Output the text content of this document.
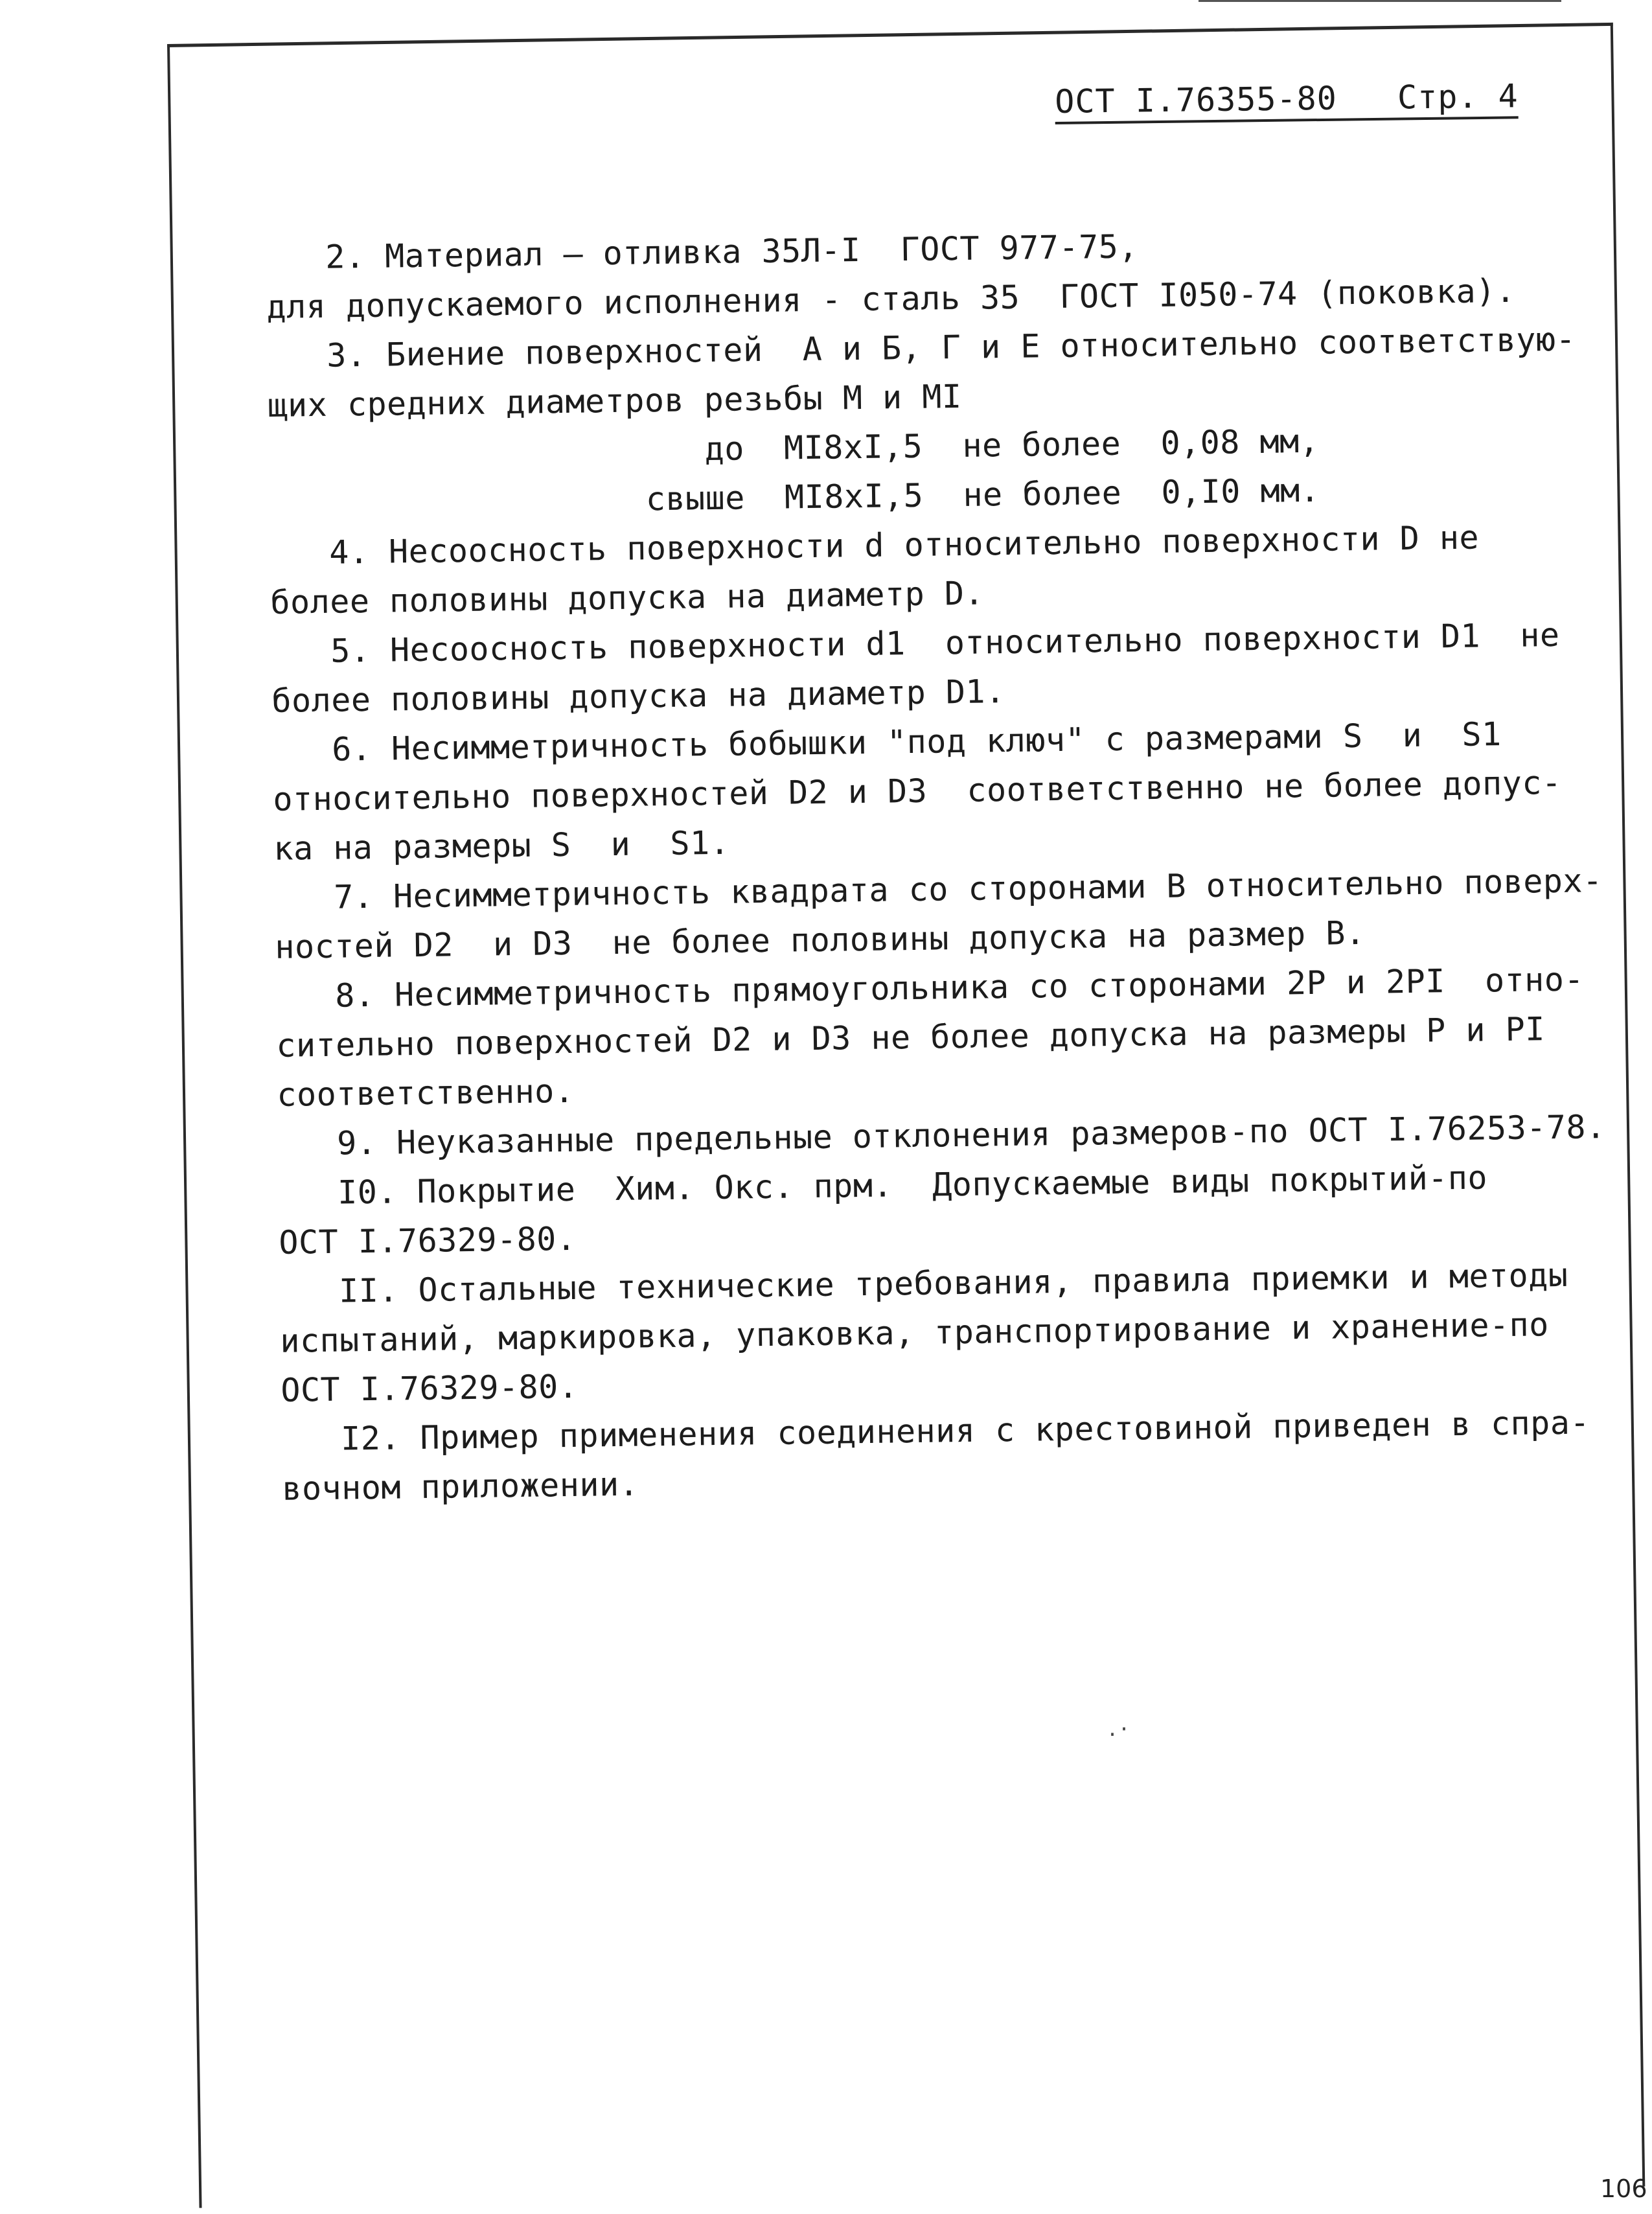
ОСТ I.76355-80   Стр. 4
2. Материал – отливка 35Л-I  ГОСТ 977-75,
для допускаемого исполнения - сталь 35  ГОСТ I050-74 (поковка).
3. Биение поверхностей  А и Б, Г и Е относительно соответствую-
щих средних диаметров резьбы М и МI
до  МI8хI,5  не более  0,08 мм,
свыше  МI8хI,5  не более  0,I0 мм.
4. Несоосность поверхности d относительно поверхности D не
более половины допуска на диаметр D.
5. Несоосность поверхности d1  относительно поверхности D1  не
более половины допуска на диаметр D1.
6. Несимметричность бобышки "под ключ" с размерами S  и  S1
относительно поверхностей D2 и D3  соответственно не более допус-
ка на размеры S  и  S1.
7. Несимметричность квадрата со сторонами В относительно поверх-
ностей D2  и D3  не более половины допуска на размер В.
8. Несимметричность прямоугольника со сторонами 2Р и 2РI  отно-
сительно поверхностей D2 и D3 не более допуска на размеры Р и РI
соответственно.
9. Неуказанные предельные отклонения размеров-по ОСТ I.76253-78.
I0. Покрытие  Хим. Окс. прм.  Допускаемые виды покрытий-по
ОСТ I.76329-80.
II. Остальные технические требования, правила приемки и методы
испытаний, маркировка, упаковка, транспортирование и хранение-по
ОСТ I.76329-80.
I2. Пример применения соединения с крестовиной приведен в спра-
вочном приложении.
.·
106
